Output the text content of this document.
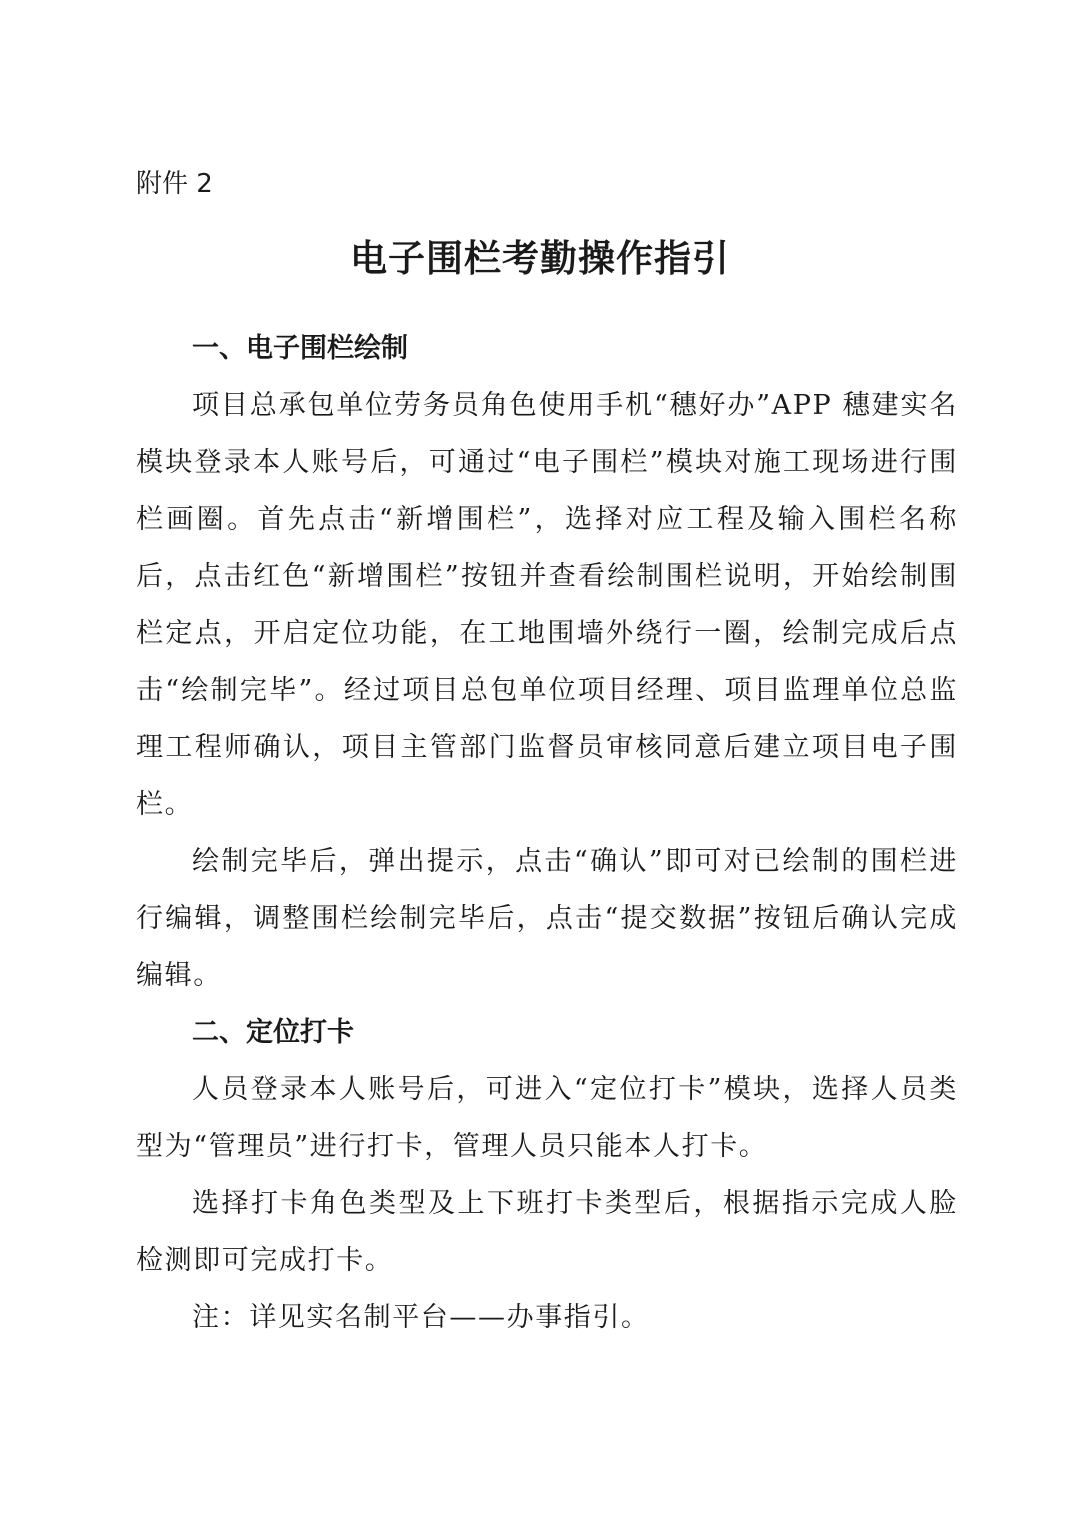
附件 2

电子围栏考勤操作指引
一、电子围栏绘制

项目总承包单位劳务员角色使用手机“穗好办”APP 穗建实名模块登录本人账号后，可通过“电子围栏”模块对施工现场进行围栏画圈。首先点击“新增围栏”，选择对应工程及输入围栏名称后，点击红色“新增围栏”按钮并查看绘制围栏说明，开始绘制围栏定点，开启定位功能，在工地围墙外绕行一圈，绘制完成后点击“绘制完毕”。经过项目总包单位项目经理、项目监理单位总监理工程师确认，项目主管部门监督员审核同意后建立项目电子围栏。

绘制完毕后，弹出提示，点击“确认”即可对已绘制的围栏进行编辑，调整围栏绘制完毕后，点击“提交数据”按钮后确认完成编辑。

二、定位打卡

人员登录本人账号后，可进入“定位打卡”模块，选择人员类型为“管理员”进行打卡，管理人员只能本人打卡。

选择打卡角色类型及上下班打卡类型后，根据指示完成人脸检测即可完成打卡。

注：详见实名制平台——办事指引。
